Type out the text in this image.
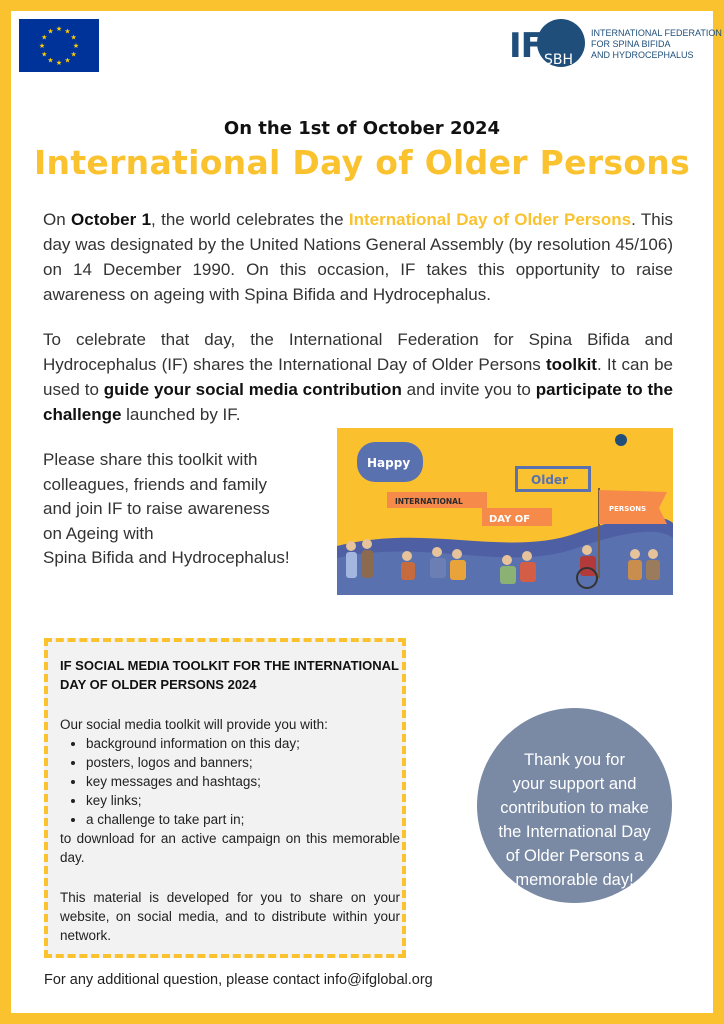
★
★
★
★
★
★
★
★
★ ★ ★
★	IF SBH
INTERNATIONAL FEDERATION
FOR SPINA BIFIDA
AND HYDROCEPHALUS
On the 1st of October 2024
International Day of Older Persons
On October 1, the world celebrates the International Day of Older Persons. This day was designated by the United Nations General Assembly (by resolution 45/106) on 14 December 1990. On this occasion, IF takes this opportunity to raise awareness on ageing with Spina Bifida and Hydrocephalus.
To celebrate that day, the International Federation for Spina Bifida and Hydrocephalus (IF) shares the International Day of Older Persons toolkit. It can be used to guide your social media contribution and invite you to participate to the challenge launched by IF.
Please share this toolkit with
colleagues, friends and family
and join IF to raise awareness
on Ageing with
Spina Bifida and Hydrocephalus!
Happy
INTERNATIONAL
Older
DAY OF
PERSONS
IF SOCIAL MEDIA TOOLKIT FOR THE INTERNATIONAL DAY OF OLDER PERSONS 2024
Our social media toolkit will provide you with:
• background information on this day;
• posters, logos and banners;
• key messages and hashtags;
• key links;
• a challenge to take part in;
to download for an active campaign on this memorable day.
This material is developed for you to share on your website, on social media, and to distribute within your network.
Thank you for
your support and
contribution to make
the International Day
of Older Persons a
memorable day!
For any additional question, please contact info@ifglobal.org
